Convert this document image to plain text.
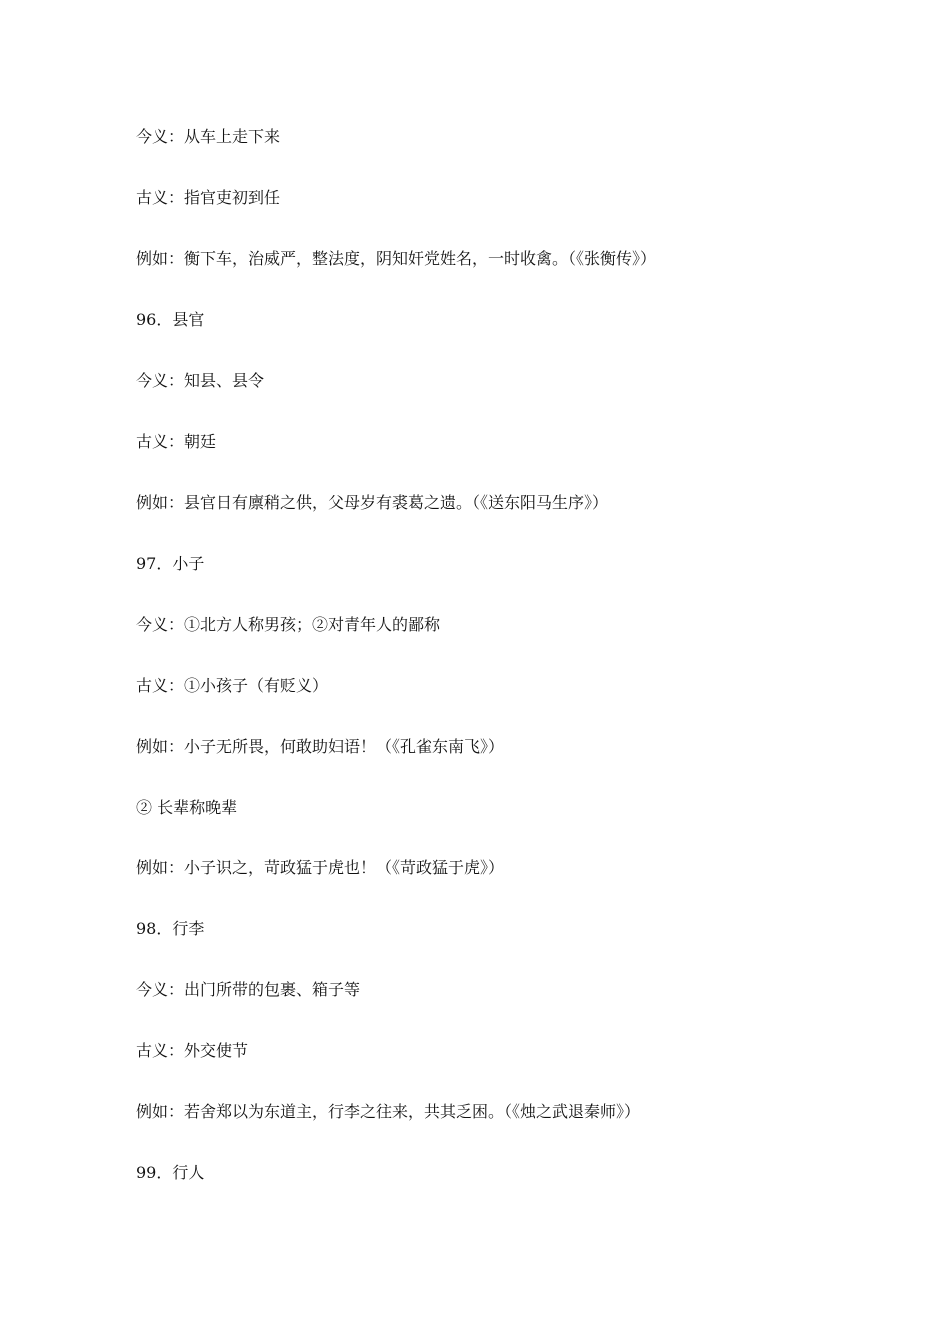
今义：从车上走下来
古义：指官吏初到任
例如：衡下车，治威严，整法度，阴知奸党姓名，一时收禽。（《张衡传》）
96．县官
今义：知县、县令
古义：朝廷
例如：县官日有廪稍之供，父母岁有裘葛之遗。（《送东阳马生序》）
97．小子
今义：①北方人称男孩；②对青年人的鄙称
古义：①小孩子（有贬义）
例如：小子无所畏，何敢助妇语！（《孔雀东南飞》）
② 长辈称晚辈
例如：小子识之，苛政猛于虎也！（《苛政猛于虎》）
98．行李
今义：出门所带的包裹、箱子等
古义：外交使节
例如：若舍郑以为东道主，行李之往来，共其乏困。（《烛之武退秦师》）
99．行人
